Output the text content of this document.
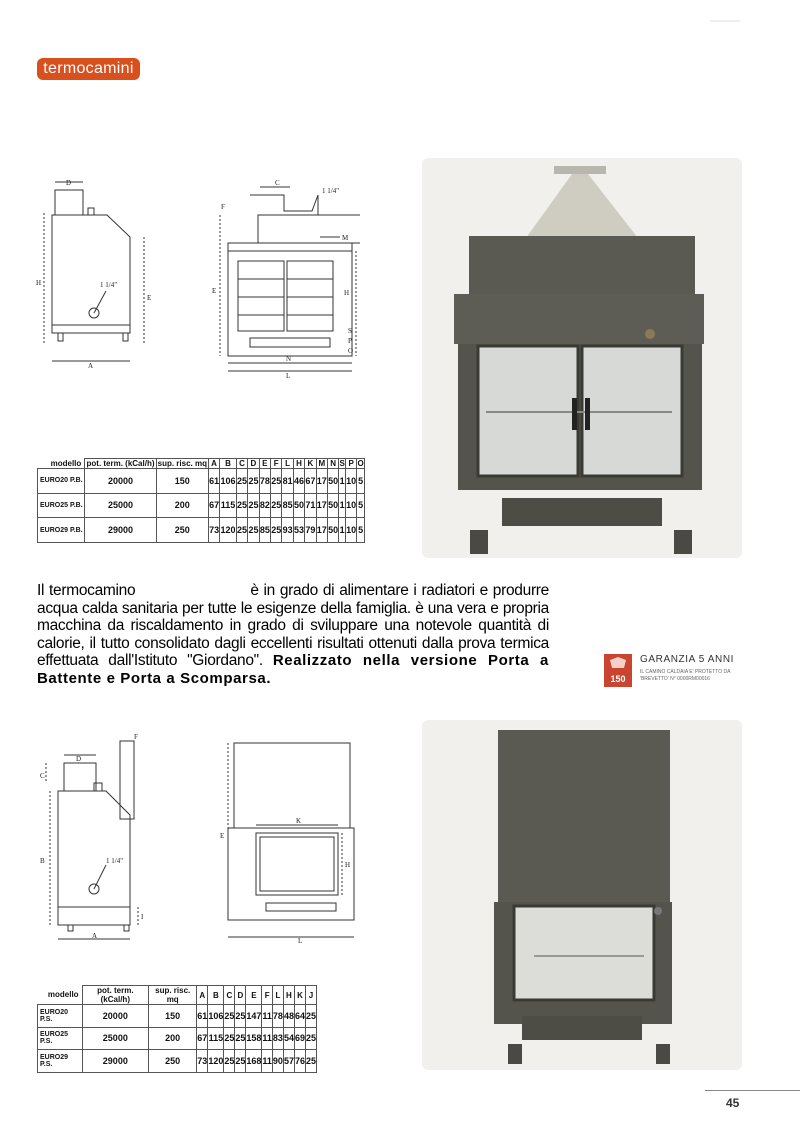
termocamini
D
H
E
A
1 1/4"
C
F
1 1/4"
M
H
E
S
P
O
N
L
modello	pot. term. (kCal/h)	sup. risc. mq	A	B	C	D	E	F	L	H	K	M	N	S	P	O
EURO20 P.B.	20000	150	61	106	25	25	78	25	81	46	67	17	50	1	10	5
EURO25 P.B.	25000	200	67	115	25	25	82	25	85	50	71	17	50	1	10	5
EURO29 P.B.	29000	250	73	120	25	25	85	25	93	53	79	17	50	1	10	5
Il termocamino	è in grado di alimentare i radiatori e produrre acqua calda sanitaria per tutte le esigenze della famiglia. è una vera e propria macchina da riscaldamento in grado di sviluppare una notevole quantità di calorie, il tutto consolidato dagli eccellenti risultati ottenuti dalla prova termica effettuata dall'Istituto "Giordano". Realizzato nella versione Porta a Battente e Porta a Scomparsa.	150
GARANZIA 5 ANNI
IL CAMINO CALDAIA E' PROTETTO DA 'BREVETTO' N° 0000RM00016
D
C
B	1 1/4"
I
A
F
K
E
H
L
modello	pot. term. (kCal/h)	sup. risc. mq	A	B	C	D	E	F	L	H	K	J
EURO20 P.S.	20000	150	61	106	25	25	147	11	78	48	64	25
EURO25 P.S.	25000	200	67	115	25	25	158	11	83	54	69	25
EURO29 P.S.	29000	250	73	120	25	25	168	11	90	57	76	25
45
